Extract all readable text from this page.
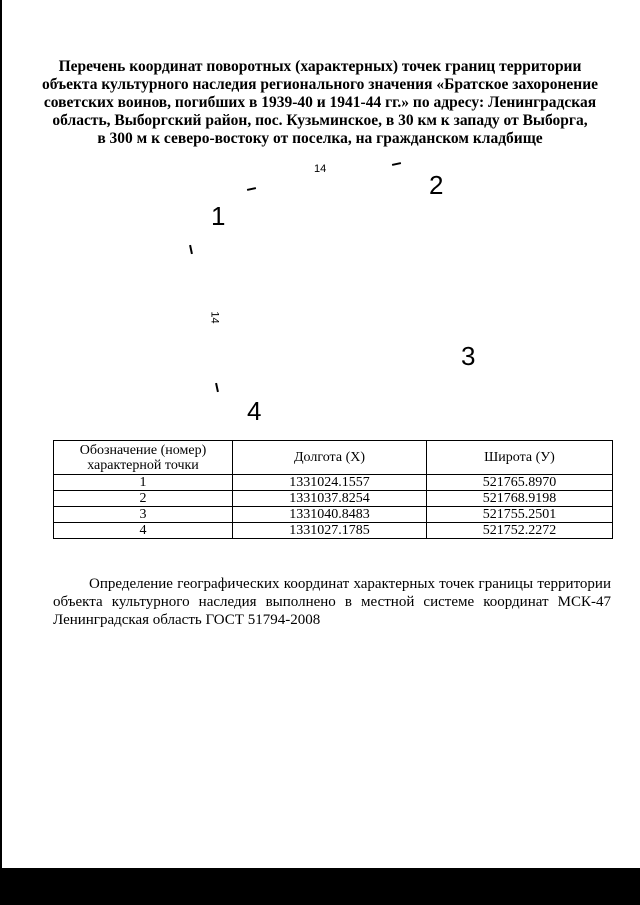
Перечень координат поворотных (характерных) точек границ территории
объекта культурного наследия регионального значения «Братское захоронение
советских воинов, погибших в 1939-40 и 1941-44 гг.» по адресу: Ленинградская
область, Выборгский район, пос. Кузьминское, в 30 км к западу от Выборга,
в 300 м к северо-востоку от поселка, на гражданском кладбище
14
2
1
14
3
4
Обозначение (номер) характерной точки	Долгота (X)	Широта (У)
1	1331024.1557	521765.8970
2	1331037.8254	521768.9198
3	1331040.8483	521755.2501
4	1331027.1785	521752.2272

Определение географических координат характерных точек границы территории объекта культурного наследия выполнено в местной системе координат МСК-47 Ленинградская область ГОСТ 51794-2008
